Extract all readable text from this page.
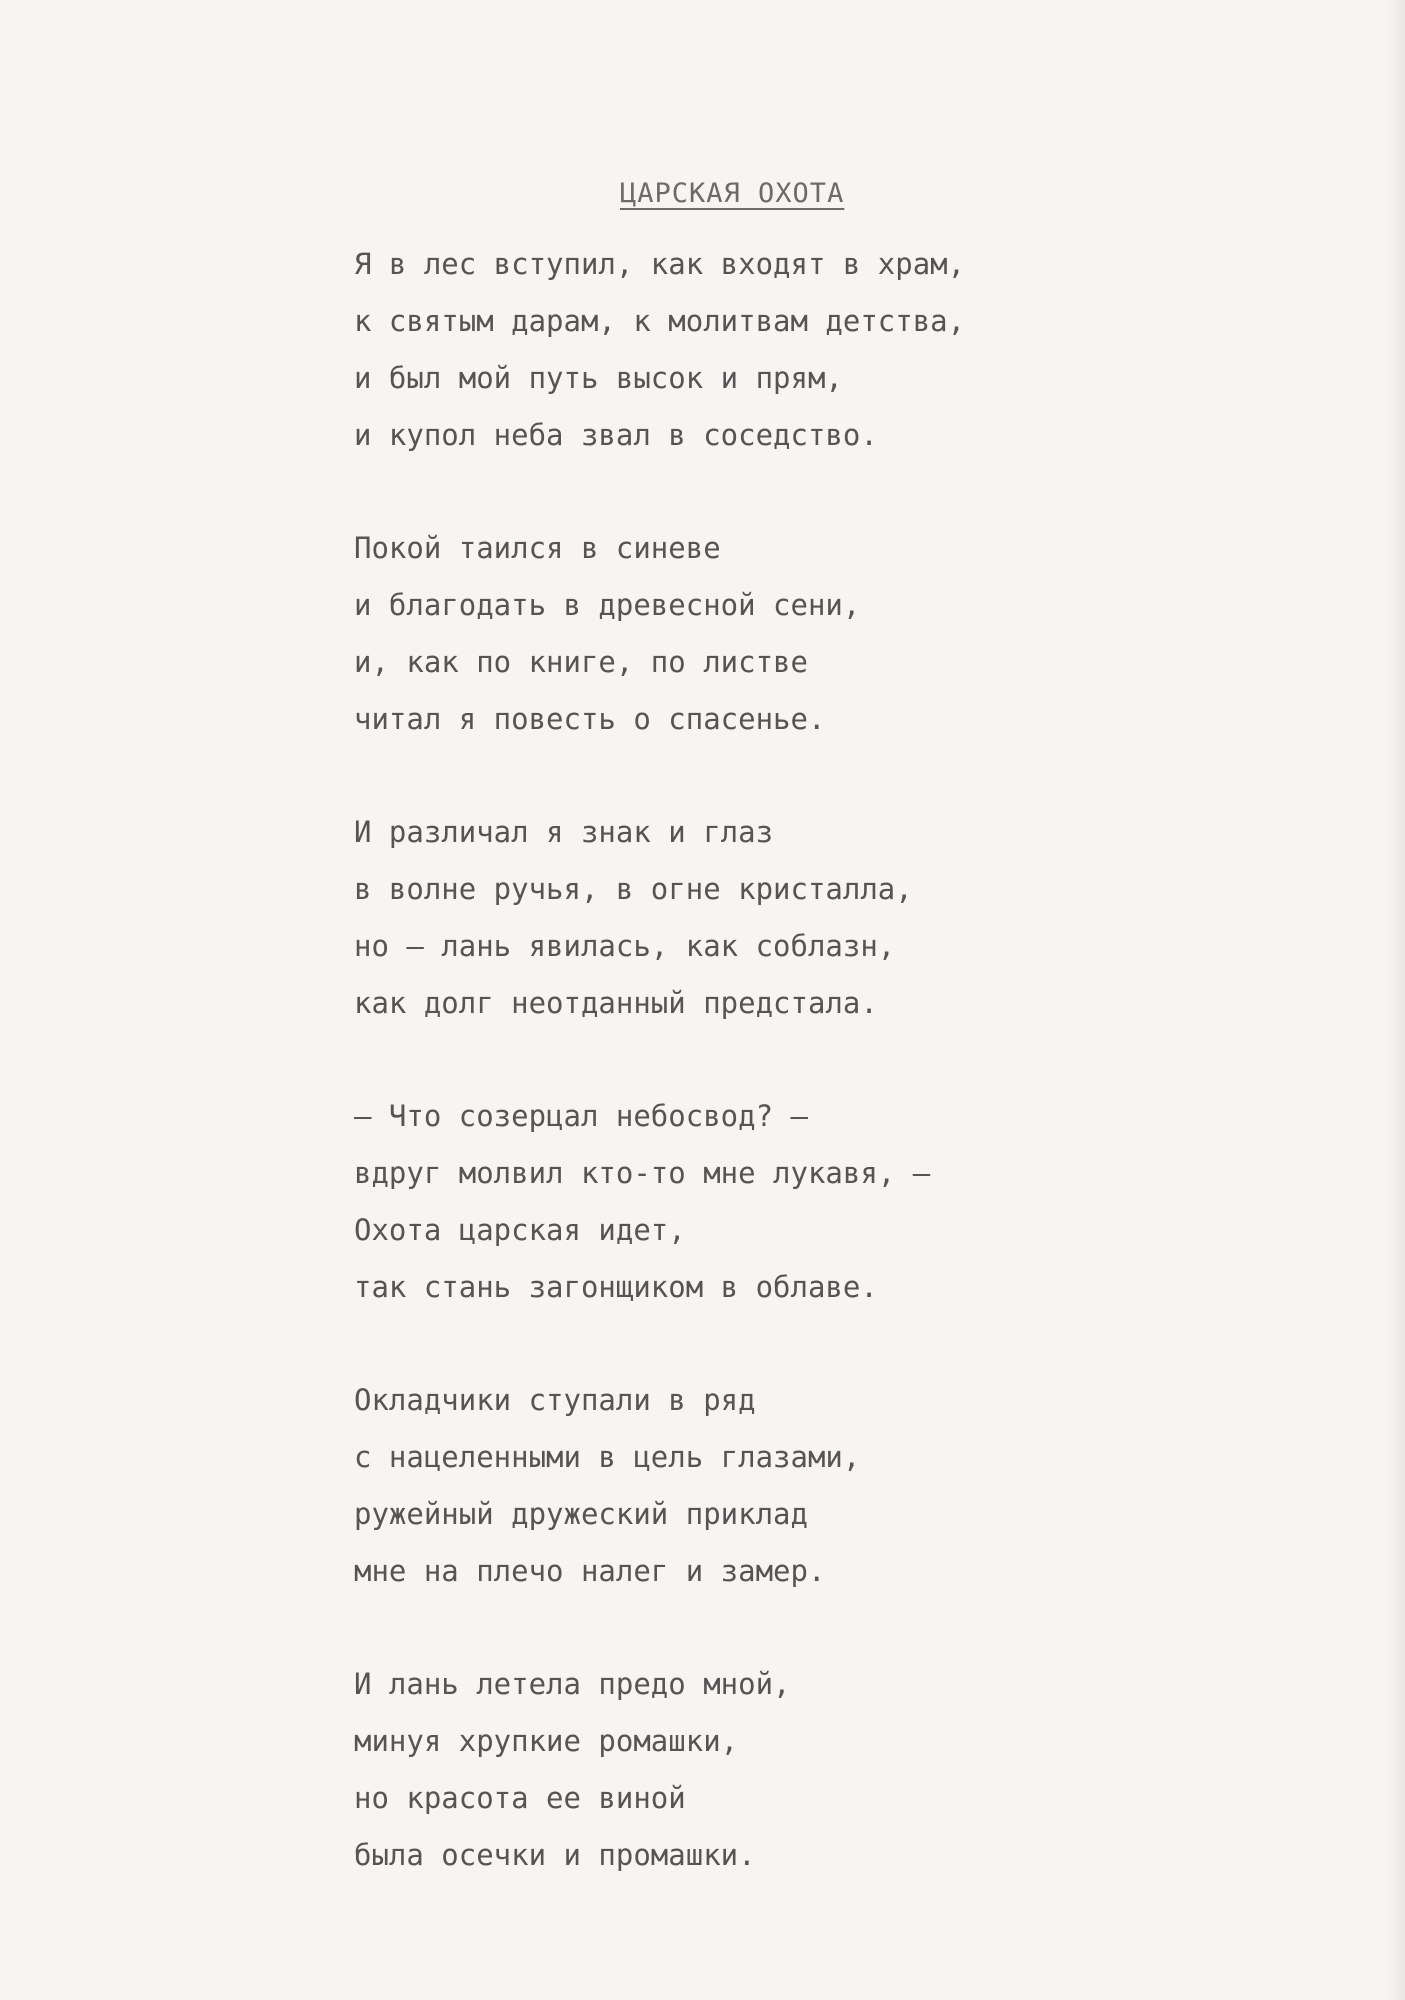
ЦАРСКАЯ ОХОТА
Я в лес вступил, как входят в храм,
к святым дарам, к молитвам детства,
и был мой путь высок и прям,
и купол неба звал в соседство.
Покой таился в синеве
и благодать в древесной сени,
и, как по книге, по листве
читал я повесть о спасенье.
И различал я знак и глаз
в волне ручья, в огне кристалла,
но – лань явилась, как соблазн,
как долг неотданный предстала.
– Что созерцал небосвод? –
вдруг молвил кто-то мне лукавя, –
Охота царская идет,
так стань загонщиком в облаве.
Окладчики ступали в ряд
с нацеленными в цель глазами,
ружейный дружеский приклад
мне на плечо налег и замер.
И лань летела предо мной,
минуя хрупкие ромашки,
но красота ее виной
была осечки и промашки.
